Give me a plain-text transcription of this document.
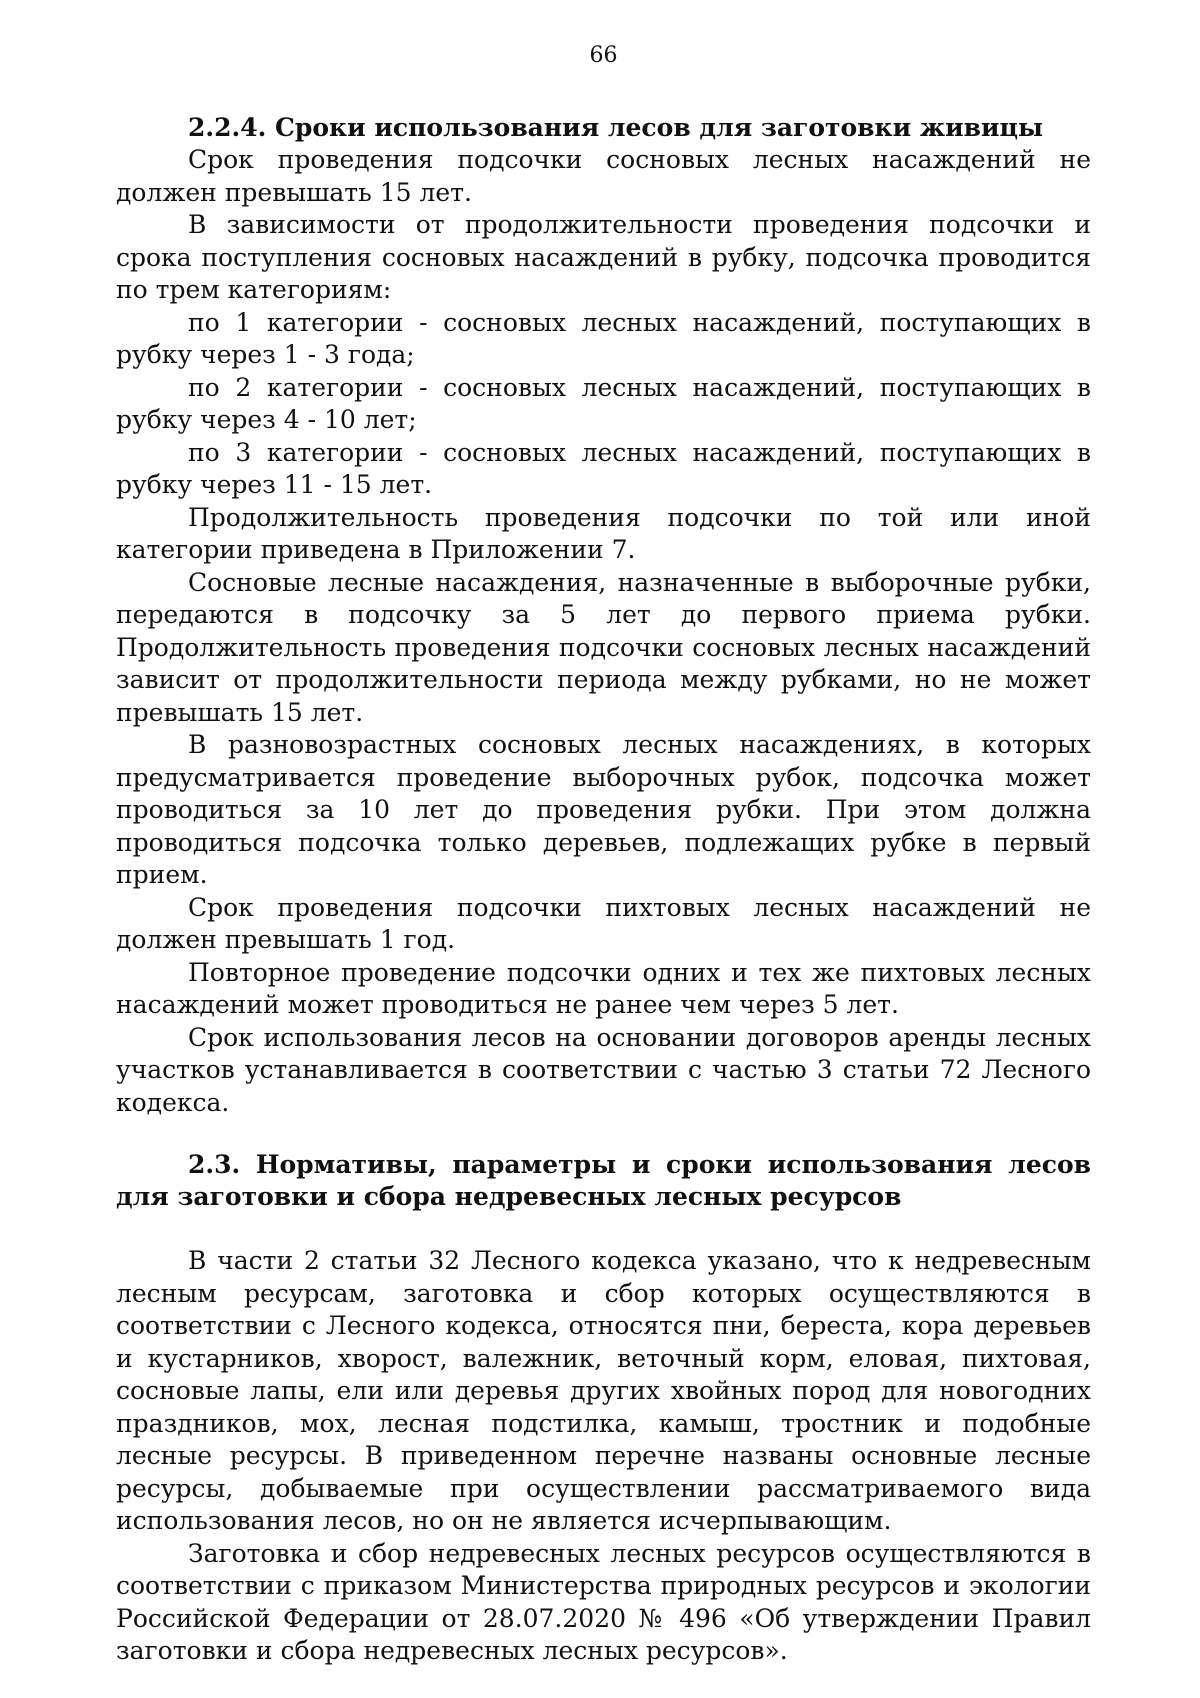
66
2.2.4. Сроки использования лесов для заготовки живицы

Срок проведения подсочки сосновых лесных насаждений не должен превышать 15 лет.

В зависимости от продолжительности проведения подсочки и срока поступления сосновых насаждений в рубку, подсочка проводится по трем категориям:

по 1 категории - сосновых лесных насаждений, поступающих в рубку через 1 - 3 года;

по 2 категории - сосновых лесных насаждений, поступающих в рубку через 4 - 10 лет;

по 3 категории - сосновых лесных насаждений, поступающих в рубку через 11 - 15 лет.

Продолжительность проведения подсочки по той или иной категории приведена в Приложении 7.

Сосновые лесные насаждения, назначенные в выборочные рубки, передаются в подсочку за 5 лет до первого приема рубки. Продолжительность проведения подсочки сосновых лесных насаждений зависит от продолжительности периода между рубками, но не может превышать 15 лет.

В разновозрастных сосновых лесных насаждениях, в которых предусматривается проведение выборочных рубок, подсочка может проводиться за 10 лет до проведения рубки. При этом должна проводиться подсочка только деревьев, подлежащих рубке в первый прием.

Срок проведения подсочки пихтовых лесных насаждений не должен превышать 1 год.

Повторное проведение подсочки одних и тех же пихтовых лесных насаждений может проводиться не ранее чем через 5 лет.

Срок использования лесов на основании договоров аренды лесных участков устанавливается в соответствии с частью 3 статьи 72 Лесного кодекса.

2.3. Нормативы, параметры и сроки использования лесов
для заготовки и сбора недревесных лесных ресурсов

В части 2 статьи 32 Лесного кодекса указано, что к недревесным лесным ресурсам, заготовка и сбор которых осуществляются в соответствии с Лесного кодекса, относятся пни, береста, кора деревьев и кустарников, хворост, валежник, веточный корм, еловая, пихтовая, сосновые лапы, ели или деревья других хвойных пород для новогодних праздников, мох, лесная подстилка, камыш, тростник и подобные лесные ресурсы. В приведенном перечне названы основные лесные ресурсы, добываемые при осуществлении рассматриваемого вида использования лесов, но он не является исчерпывающим.

Заготовка и сбор недревесных лесных ресурсов осуществляются в соответствии с приказом Министерства природных ресурсов и экологии Российской Федерации от 28.07.2020 № 496 «Об утверждении Правил заготовки и сбора недревесных лесных ресурсов».
